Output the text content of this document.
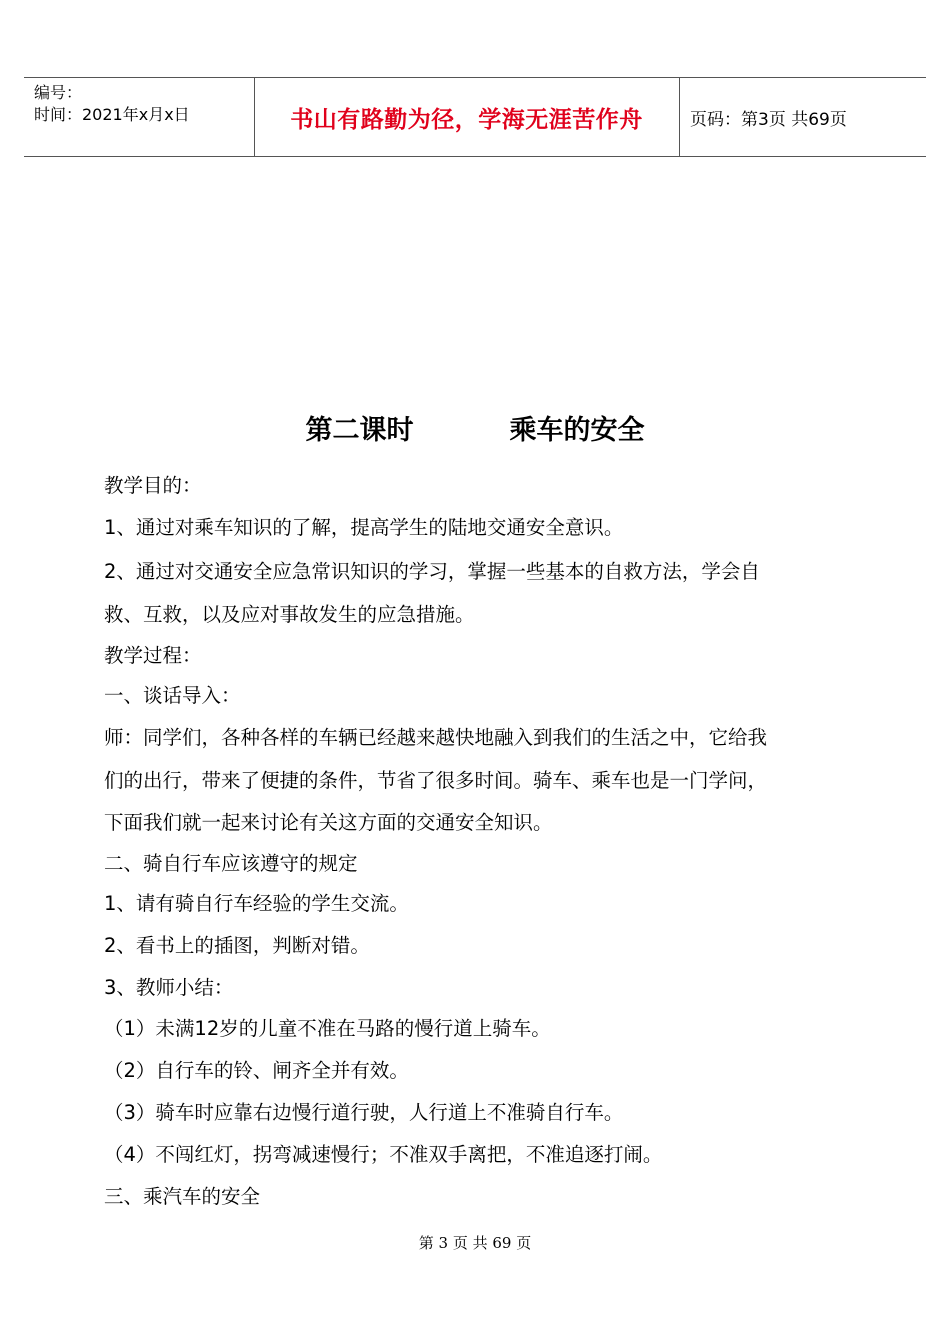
编号：
时间：2021年x月x日	书山有路勤为径，学海无涯苦作舟	页码：第3页 共69页
第二课时	乘车的安全
教学目的：
1、通过对乘车知识的了解，提高学生的陆地交通安全意识。
2、通过对交通安全应急常识知识的学习，掌握一些基本的自救方法，学会自
救、互救，以及应对事故发生的应急措施。
教学过程：
一、谈话导入：
师：同学们，各种各样的车辆已经越来越快地融入到我们的生活之中，它给我
们的出行，带来了便捷的条件，节省了很多时间。骑车、乘车也是一门学问，
下面我们就一起来讨论有关这方面的交通安全知识。
二、骑自行车应该遵守的规定
1、请有骑自行车经验的学生交流。
2、看书上的插图，判断对错。
3、教师小结：
（1）未满12岁的儿童不准在马路的慢行道上骑车。
（2）自行车的铃、闸齐全并有效。
（3）骑车时应靠右边慢行道行驶，人行道上不准骑自行车。
（4）不闯红灯，拐弯减速慢行；不准双手离把，不准追逐打闹。
三、乘汽车的安全
第 3 页 共 69 页
